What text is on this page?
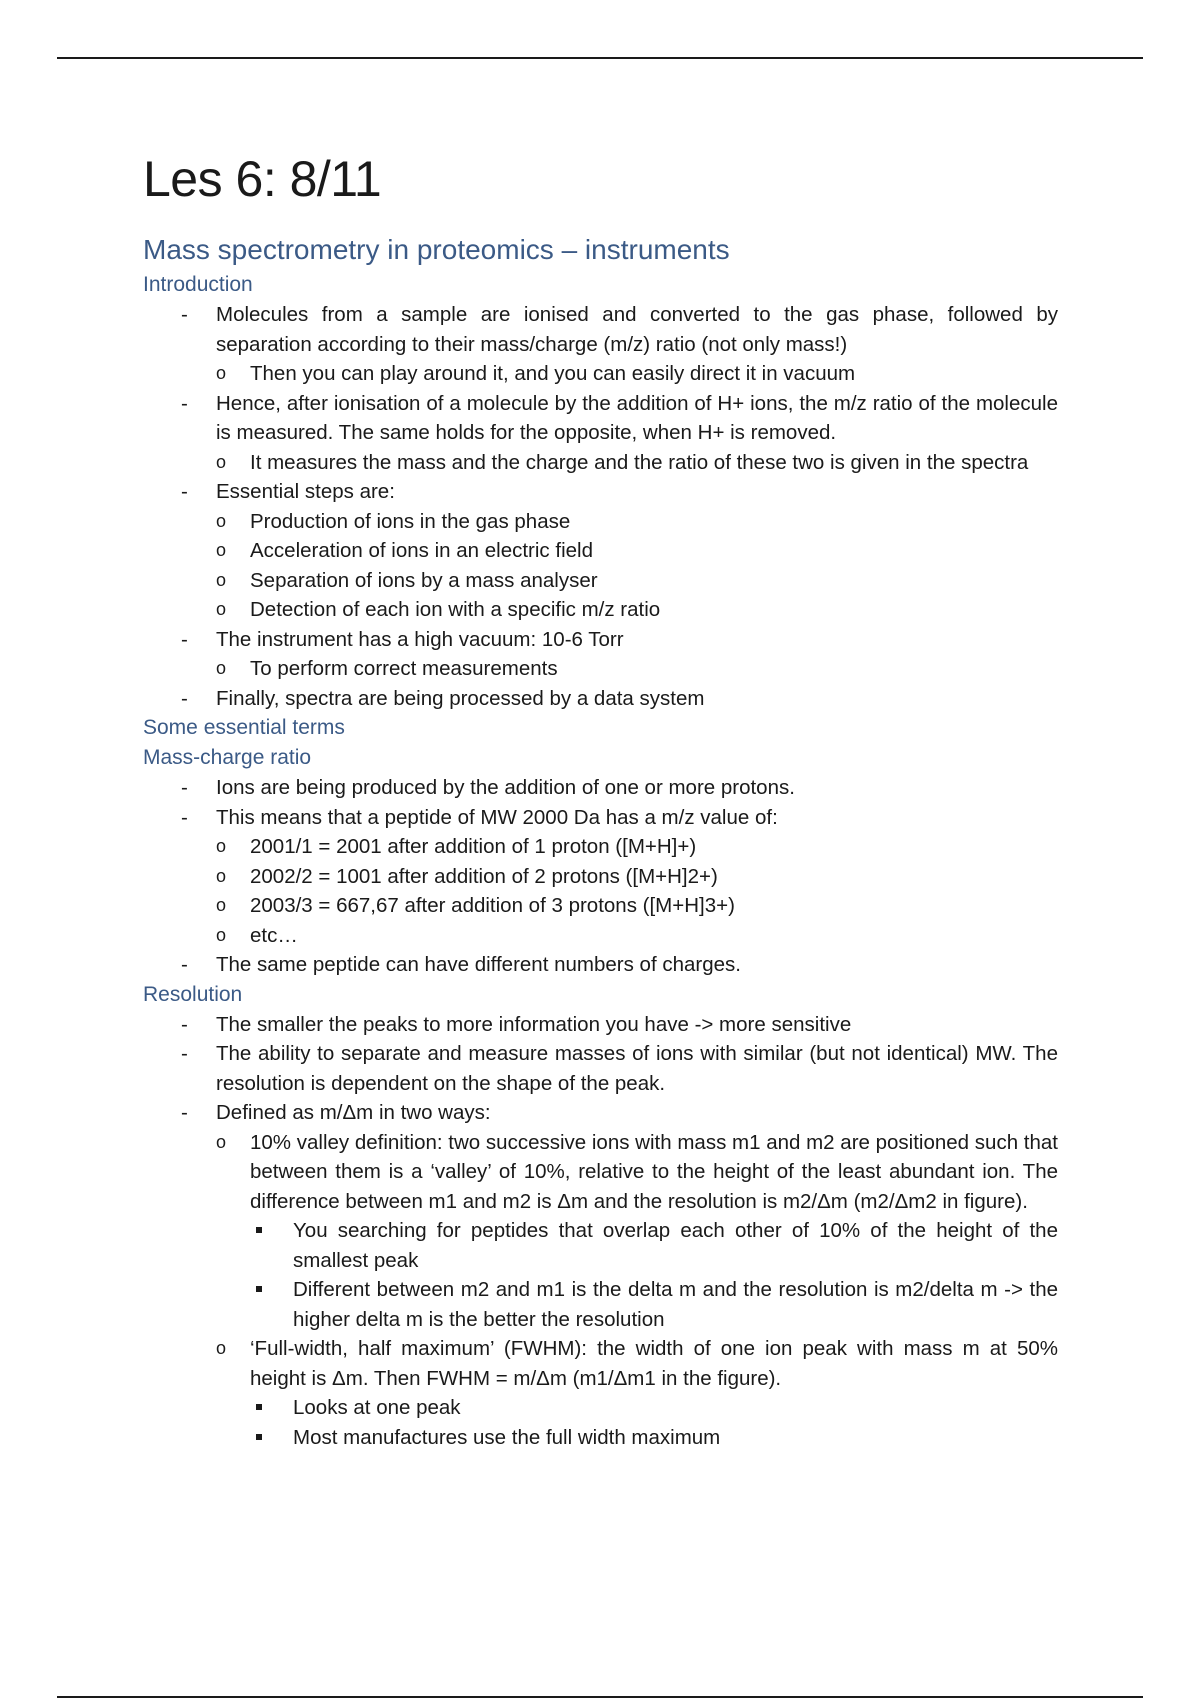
Les 6: 8/11
Mass spectrometry in proteomics – instruments
Introduction
- Molecules from a sample are ionised and converted to the gas phase, followed by separation according to their mass/charge (m/z) ratio (not only mass!)
o Then you can play around it, and you can easily direct it in vacuum
- Hence, after ionisation of a molecule by the addition of H+ ions, the m/z ratio of the molecule is measured. The same holds for the opposite, when H+ is removed.
o It measures the mass and the charge and the ratio of these two is given in the spectra
- Essential steps are:
o Production of ions in the gas phase
o Acceleration of ions in an electric field
o Separation of ions by a mass analyser
o Detection of each ion with a specific m/z ratio
- The instrument has a high vacuum: 10-6 Torr
o To perform correct measurements
- Finally, spectra are being processed by a data system
Some essential terms
Mass-charge ratio
- Ions are being produced by the addition of one or more protons.
- This means that a peptide of MW 2000 Da has a m/z value of:
o 2001/1 = 2001 after addition of 1 proton ([M+H]+)
o 2002/2 = 1001 after addition of 2 protons ([M+H]2+)
o 2003/3 = 667,67 after addition of 3 protons ([M+H]3+)
o etc…
- The same peptide can have different numbers of charges.
Resolution
- The smaller the peaks to more information you have -> more sensitive
- The ability to separate and measure masses of ions with similar (but not identical) MW. The resolution is dependent on the shape of the peak.
- Defined as m/Δm in two ways:
o 10% valley definition: two successive ions with mass m1 and m2 are positioned such that between them is a ‘valley’ of 10%, relative to the height of the least abundant ion. The difference between m1 and m2 is Δm and the resolution is m2/Δm (m2/Δm2 in figure).
You searching for peptides that overlap each other of 10% of the height of the smallest peak
Different between m2 and m1 is the delta m and the resolution is m2/delta m -> the higher delta m is the better the resolution
o ‘Full-width, half maximum’ (FWHM): the width of one ion peak with mass m at 50% height is Δm. Then FWHM = m/Δm (m1/Δm1 in the figure).
Looks at one peak
Most manufactures use the full width maximum
